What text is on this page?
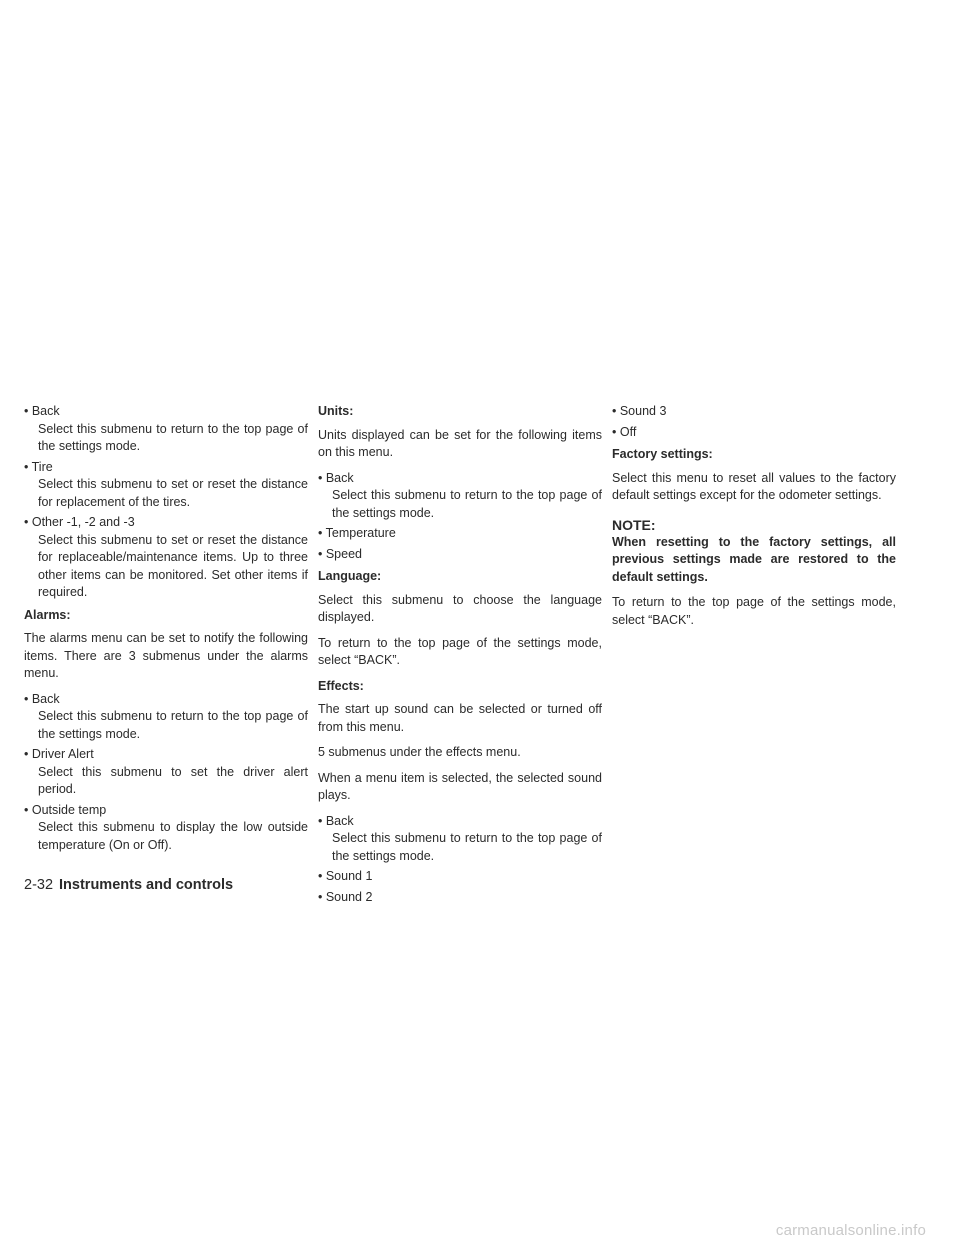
• Back
Select this submenu to return to the top page of the settings mode.
• Tire
Select this submenu to set or reset the distance for replacement of the tires.
• Other -1, -2 and -3
Select this submenu to set or reset the distance for replaceable/maintenance items. Up to three other items can be monitored. Set other items if required.
Alarms:
The alarms menu can be set to notify the following items. There are 3 submenus under the alarms menu.
• Back
Select this submenu to return to the top page of the settings mode.
• Driver Alert
Select this submenu to set the driver alert period.
• Outside temp
Select this submenu to display the low outside temperature (On or Off).
Units:
Units displayed can be set for the following items on this menu.
• Back
Select this submenu to return to the top page of the settings mode.
• Temperature
• Speed
Language:
Select this submenu to choose the language displayed.
To return to the top page of the settings mode, select “BACK”.
Effects:
The start up sound can be selected or turned off from this menu.
5 submenus under the effects menu.
When a menu item is selected, the selected sound plays.
• Back
Select this submenu to return to the top page of the settings mode.
• Sound 1
• Sound 2
• Sound 3
• Off
Factory settings:
Select this menu to reset all values to the factory default settings except for the odometer settings.
NOTE:
When resetting to the factory settings, all previous settings made are restored to the default settings.
To return to the top page of the settings mode, select “BACK”.
2-32 Instruments and controls
carmanualsonline.info
